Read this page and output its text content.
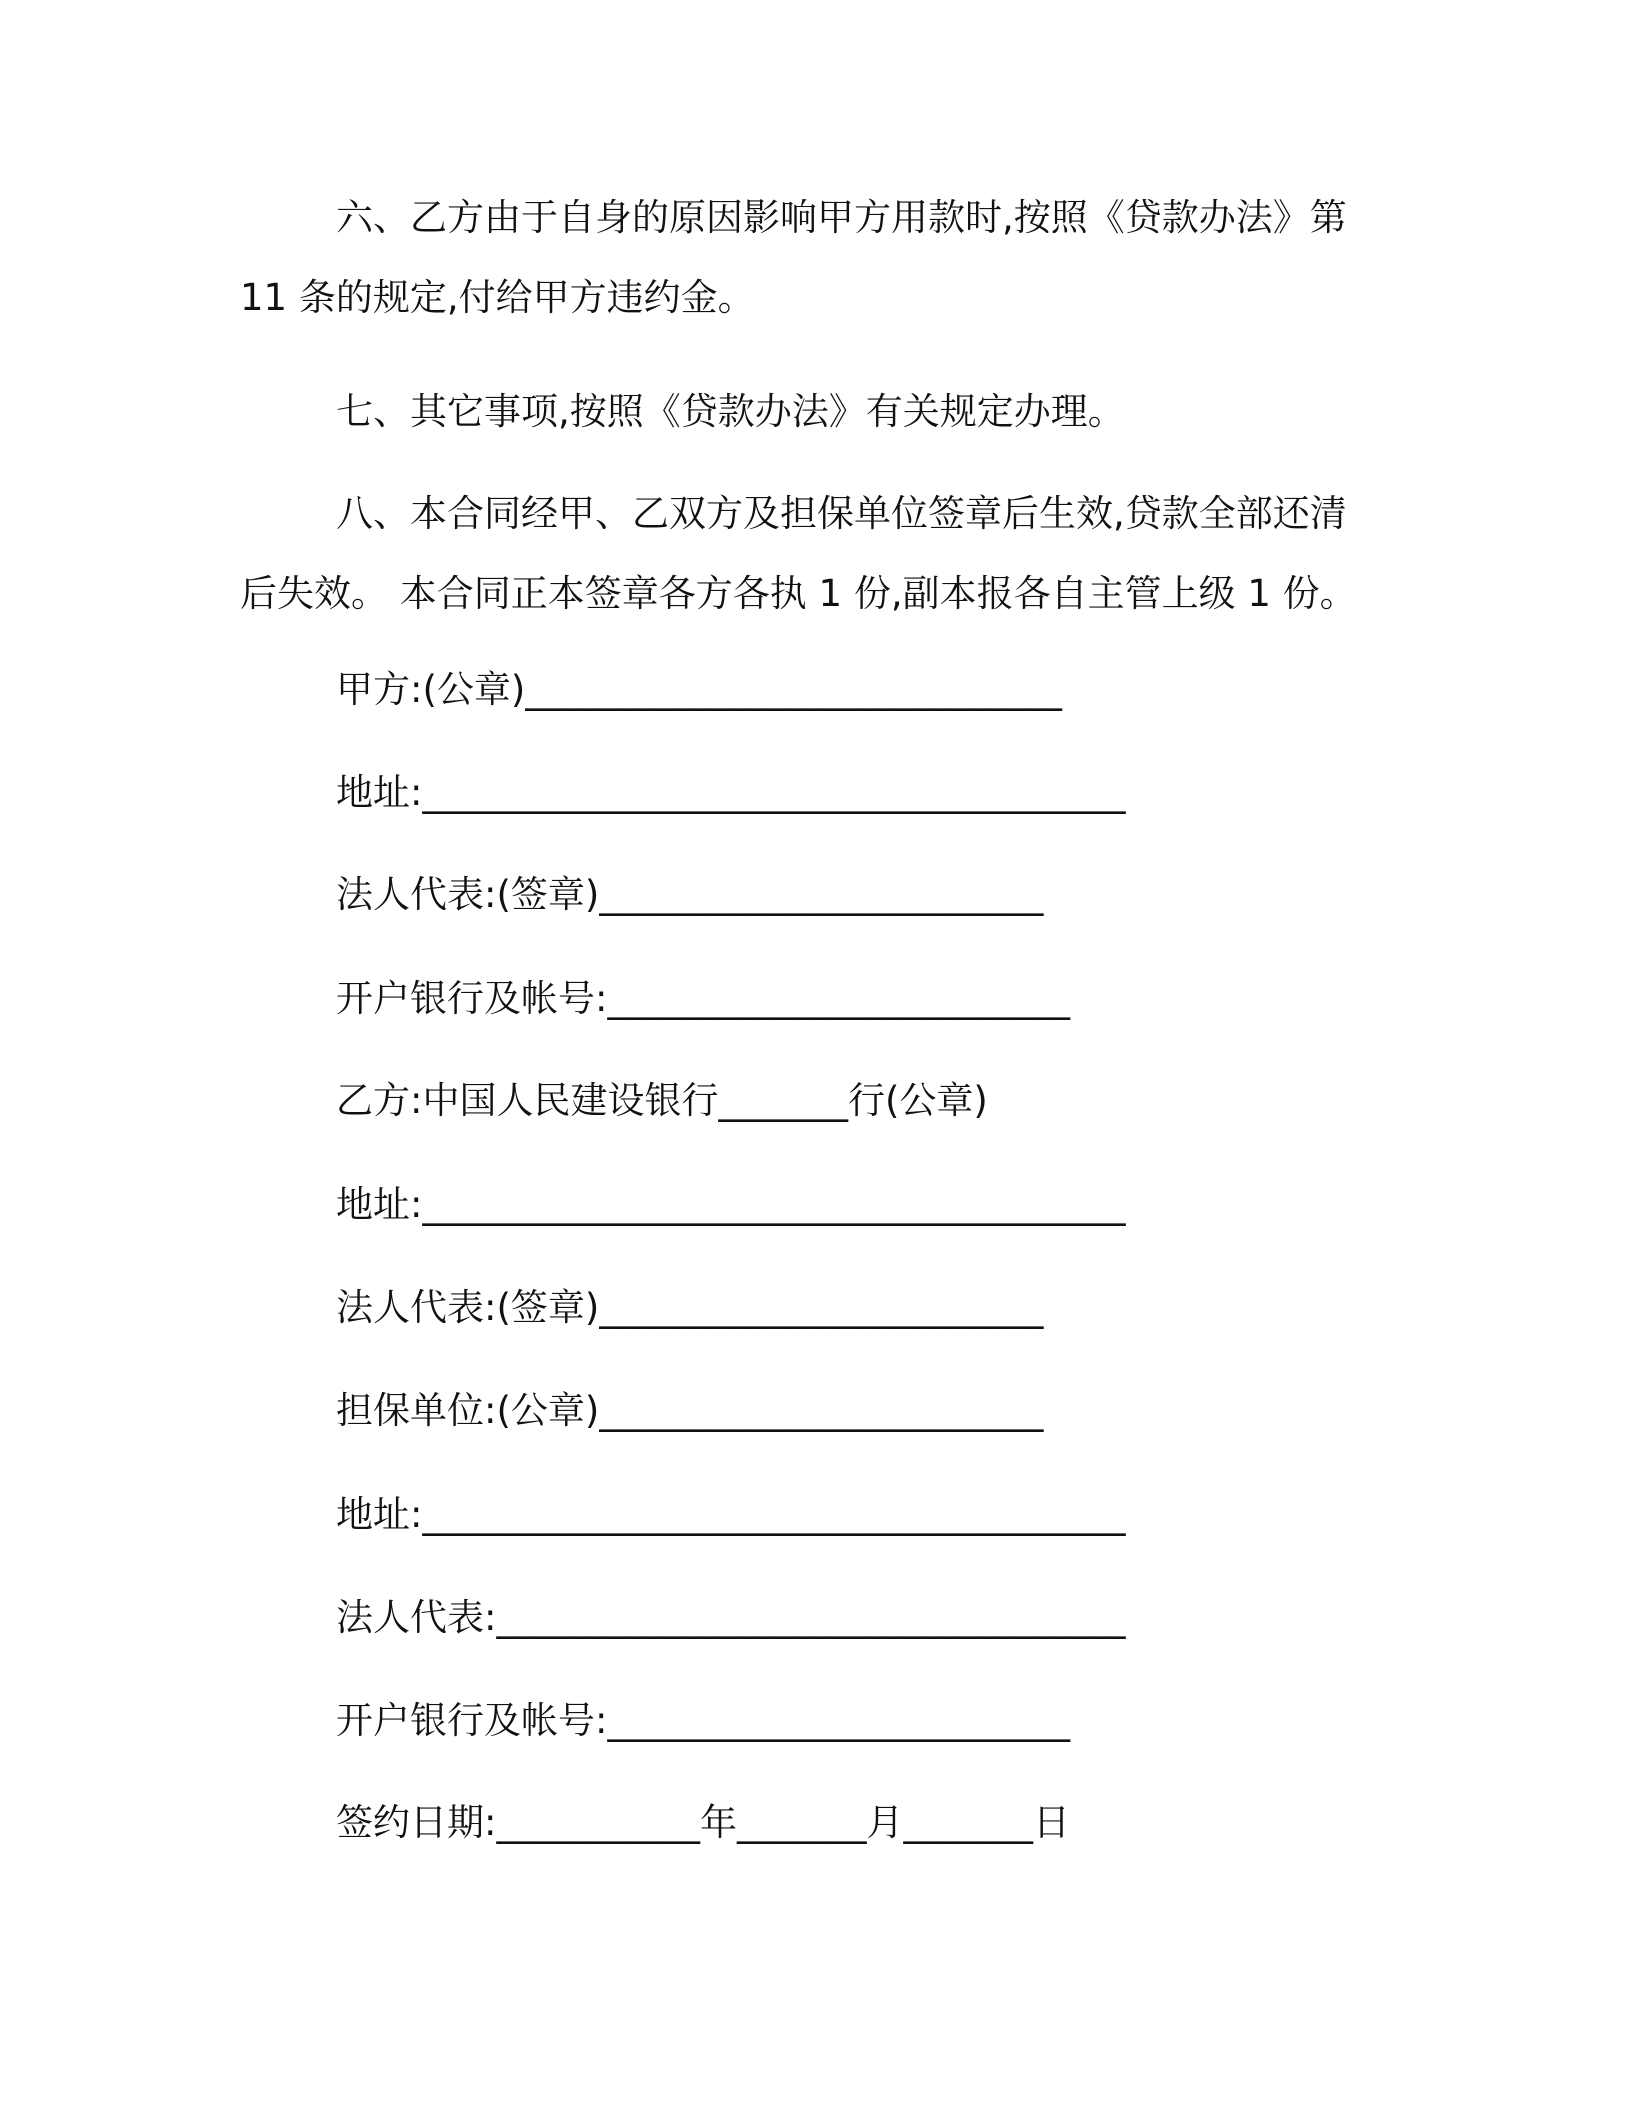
六、乙方由于自身的原因影响甲方用款时,按照《贷款办法》第11 条的规定,付给甲方违约金。
七、其它事项,按照《贷款办法》有关规定办理。
八、本合同经甲、乙双方及担保单位签章后生效,贷款全部还清后失效。 本合同正本签章各方各执 1 份,副本报各自主管上级 1 份。
甲方:(公章)_____________________________
地址:______________________________________
法人代表:(签章)________________________
开户银行及帐号:_________________________
乙方:中国人民建设银行_______行(公章)
地址:______________________________________
法人代表:(签章)________________________
担保单位:(公章)________________________
地址:______________________________________
法人代表:__________________________________
开户银行及帐号:_________________________
签约日期:___________年_______月_______日
